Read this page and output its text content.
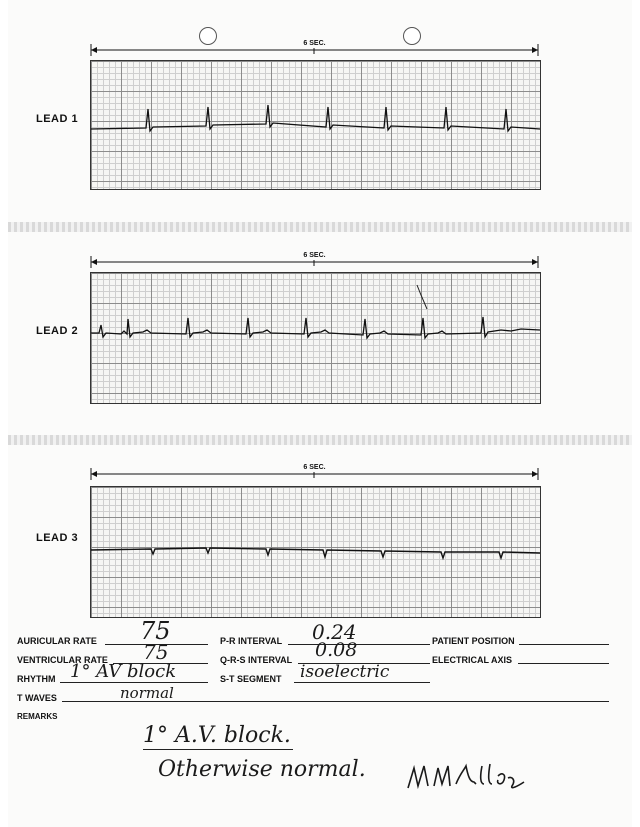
6 SEC.
LEAD 1
6 SEC.
LEAD 2
6 SEC.
LEAD 3
AURICULAR RATE 75	P-R INTERVAL 0.24	PATIENT POSITION
VENTRICULAR RATE 75	Q-R-S INTERVAL 0.08	ELECTRICAL AXIS
RHYTHM 1° AV block	S-T SEGMENT isoelectric
T WAVES	normal
REMARKS
1° A.V. block.
Otherwise normal.
